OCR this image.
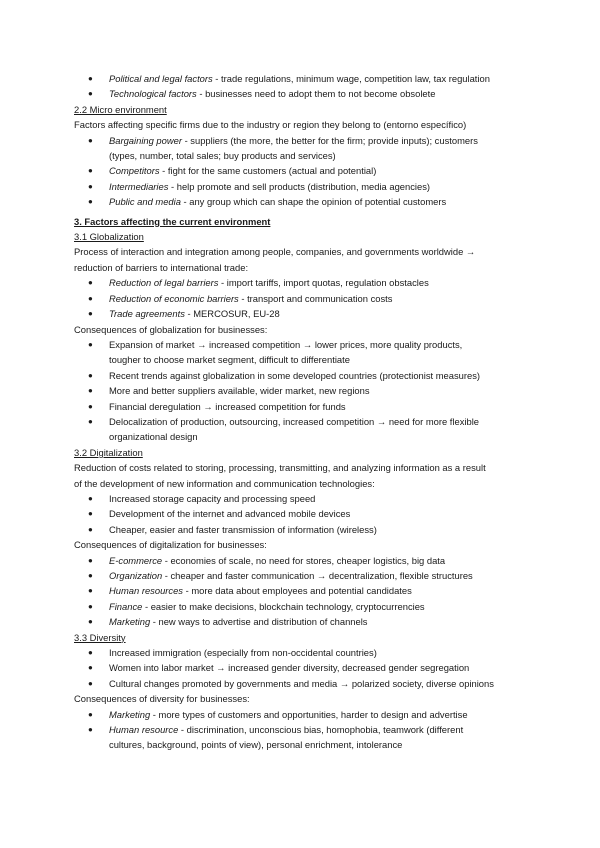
● Political and legal factors - trade regulations, minimum wage, competition law, tax regulation
● Technological factors - businesses need to adopt them to not become obsolete
2.2 Micro environment
Factors affecting specific firms due to the industry or region they belong to (entorno específico)
● Bargaining power - suppliers (the more, the better for the firm; provide inputs); customers
(types, number, total sales; buy products and services)
● Competitors - fight for the same customers (actual and potential)
● Intermediaries - help promote and sell products (distribution, media agencies)
● Public and media - any group which can shape the opinion of potential customers
3. Factors affecting the current environment
3.1 Globalization
Process of interaction and integration among people, companies, and governments worldwide →
reduction of barriers to international trade:
● Reduction of legal barriers - import tariffs, import quotas, regulation obstacles
● Reduction of economic barriers - transport and communication costs
● Trade agreements - MERCOSUR, EU-28
Consequences of globalization for businesses:
● Expansion of market → increased competition → lower prices, more quality products,
tougher to choose market segment, difficult to differentiate
● Recent trends against globalization in some developed countries (protectionist measures)
● More and better suppliers available, wider market, new regions
● Financial deregulation → increased competition for funds
● Delocalization of production, outsourcing, increased competition → need for more flexible
organizational design
3.2 Digitalization
Reduction of costs related to storing, processing, transmitting, and analyzing information as a result
of the development of new information and communication technologies:
● Increased storage capacity and processing speed
● Development of the internet and advanced mobile devices
● Cheaper, easier and faster transmission of information (wireless)
Consequences of digitalization for businesses:
● E-commerce - economies of scale, no need for stores, cheaper logistics, big data
● Organization - cheaper and faster communication → decentralization, flexible structures
● Human resources - more data about employees and potential candidates
● Finance - easier to make decisions, blockchain technology, cryptocurrencies
● Marketing - new ways to advertise and distribution of channels
3.3 Diversity
● Increased immigration (especially from non-occidental countries)
● Women into labor market → increased gender diversity, decreased gender segregation
● Cultural changes promoted by governments and media → polarized society, diverse opinions
Consequences of diversity for businesses:
● Marketing - more types of customers and opportunities, harder to design and advertise
● Human resource - discrimination, unconscious bias, homophobia, teamwork (different
cultures, background, points of view), personal enrichment, intolerance
